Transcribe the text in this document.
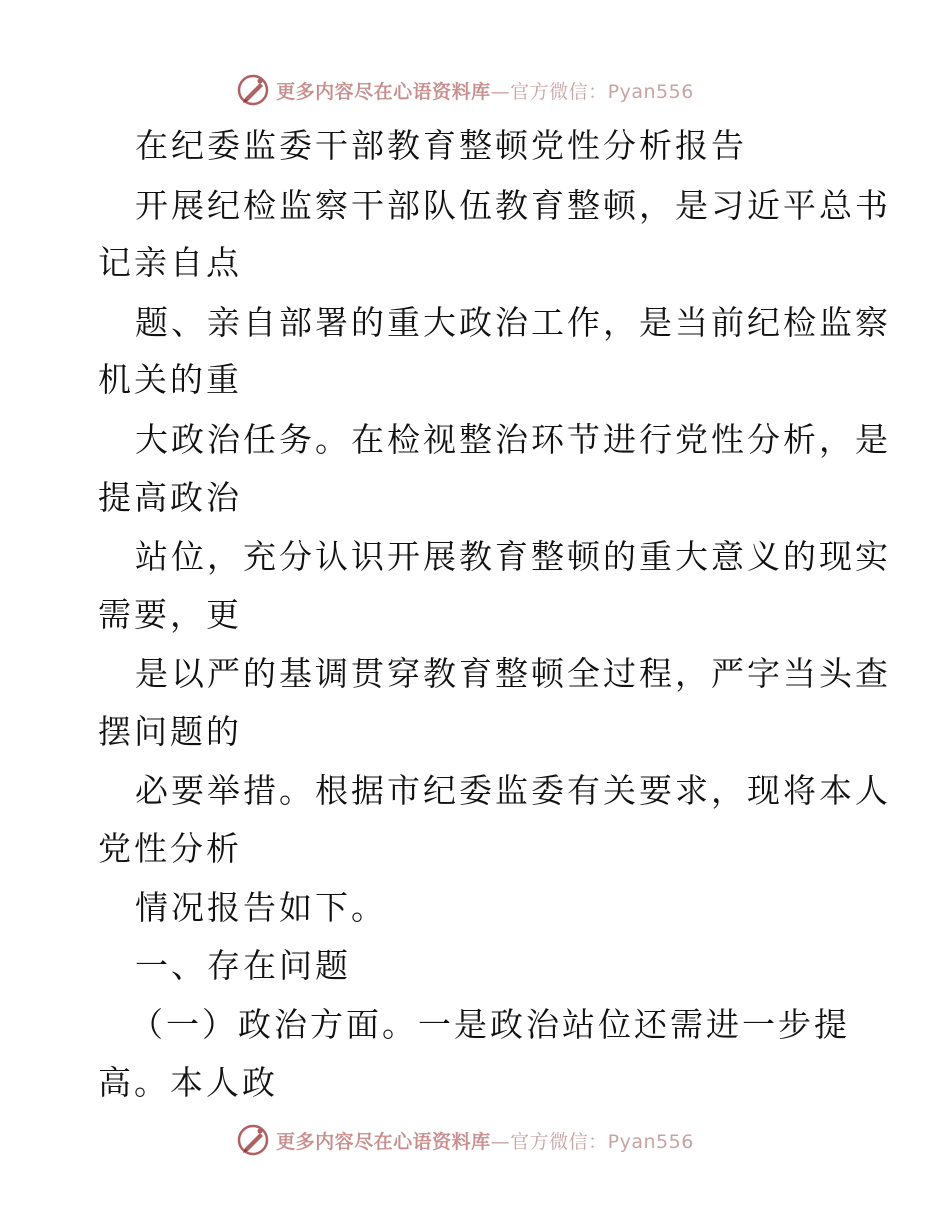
更多内容尽在心语资料库—官方微信：Pyan556
在纪委监委干部教育整顿党性分析报告
开展纪检监察干部队伍教育整顿，是习近平总书
记亲自点
题、亲自部署的重大政治工作，是当前纪检监察
机关的重
大政治任务。在检视整治环节进行党性分析，是
提高政治
站位，充分认识开展教育整顿的重大意义的现实
需要，更
是以严的基调贯穿教育整顿全过程，严字当头查
摆问题的
必要举措。根据市纪委监委有关要求，现将本人
党性分析
情况报告如下。
一、存在问题
（一）政治方面。一是政治站位还需进一步提
高。本人政
更多内容尽在心语资料库—官方微信：Pyan556
